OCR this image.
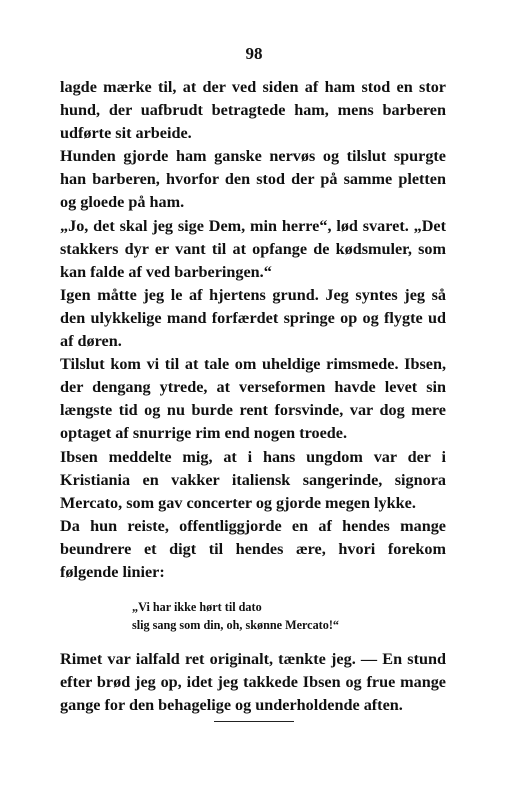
98

lagde mærke til, at der ved siden af ham stod en stor hund, der uafbrudt betragtede ham, mens barberen udførte sit arbeide.

Hunden gjorde ham ganske nervøs og tilslut spurgte han barberen, hvorfor den stod der på samme pletten og gloede på ham.

„Jo, det skal jeg sige Dem, min herre“, lød svaret. „Det stakkers dyr er vant til at opfange de kødsmuler, som kan falde af ved barberingen.“

Igen måtte jeg le af hjertens grund. Jeg syntes jeg så den ulykkelige mand forfærdet springe op og flygte ud af døren.

Tilslut kom vi til at tale om uheldige rimsmede. Ibsen, der dengang ytrede, at verseformen havde levet sin længste tid og nu burde rent forsvinde, var dog mere optaget af snurrige rim end nogen troede.

Ibsen meddelte mig, at i hans ungdom var der i Kristiania en vakker italiensk sangerinde, signora Mercato, som gav concerter og gjorde megen lykke.

Da hun reiste, offentliggjorde en af hendes mange beundrere et digt til hendes ære, hvori forekom følgende linier:

„Vi har ikke hørt til dato
slig sang som din, oh, skønne Mercato!“

Rimet var ialfald ret originalt, tænkte jeg. — En stund efter brød jeg op, idet jeg takkede Ibsen og frue mange gange for den behagelige og underholdende aften.
